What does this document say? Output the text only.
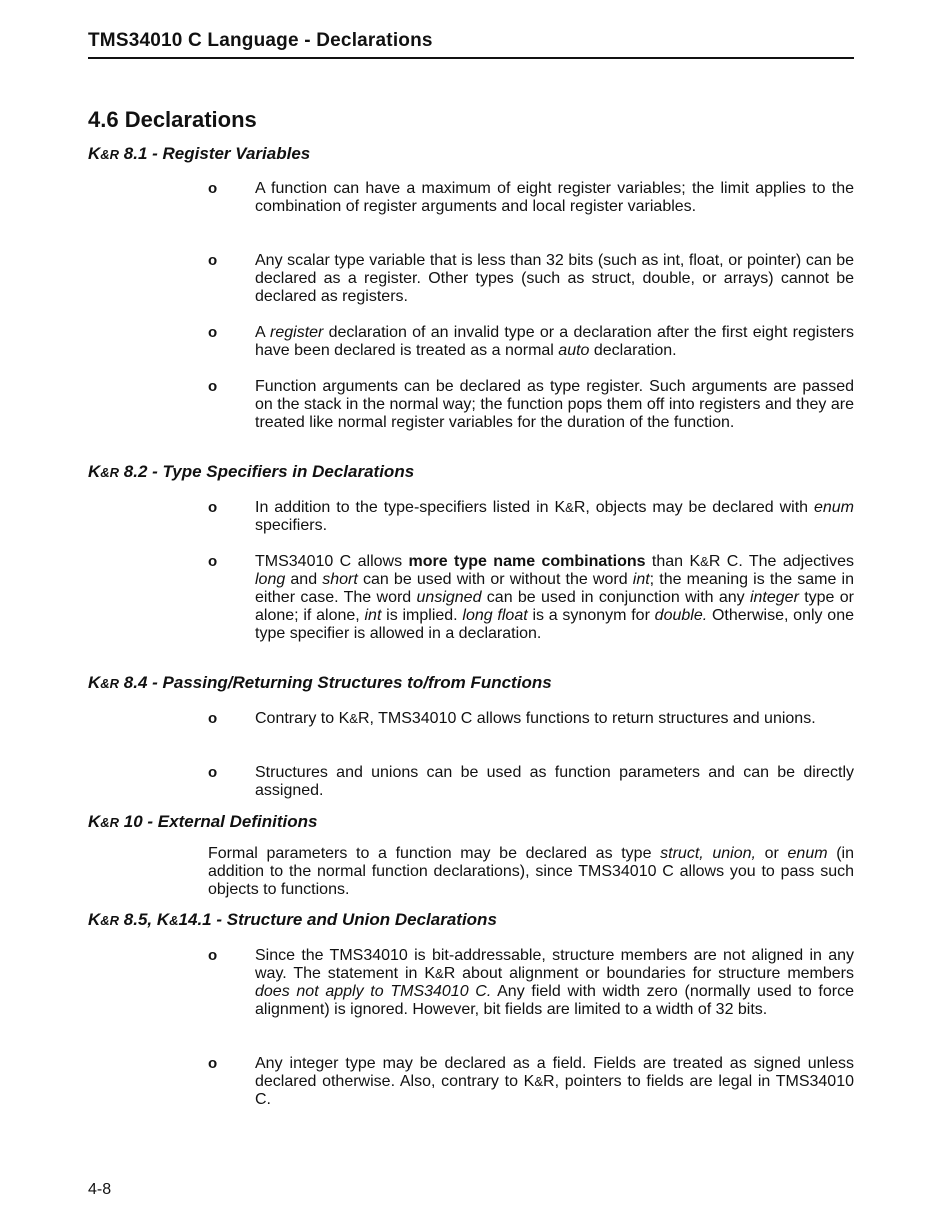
TMS34010 C Language - Declarations
4.6 Declarations
K&R 8.1 - Register Variables
o A function can have a maximum of eight register variables; the limit applies to the combination of register arguments and local register variables.

o Any scalar type variable that is less than 32 bits (such as int, float, or pointer) can be declared as a register. Other types (such as struct, double, or arrays) cannot be declared as registers.

o A register declaration of an invalid type or a declaration after the first eight registers have been declared is treated as a normal auto declaration.

o Function arguments can be declared as type register. Such arguments are passed on the stack in the normal way; the function pops them off into registers and they are treated like normal register variables for the duration of the function.

K&R 8.2 - Type Specifiers in Declarations
o In addition to the type-specifiers listed in K&R, objects may be declared with enum specifiers.

o TMS34010 C allows more type name combinations than K&R C. The adjectives long and short can be used with or without the word int; the meaning is the same in either case. The word unsigned can be used in conjunction with any integer type or alone; if alone, int is implied. long float is a synonym for double. Otherwise, only one type specifier is allowed in a declaration.

K&R 8.4 - Passing/Returning Structures to/from Functions
o Contrary to K&R, TMS34010 C allows functions to return structures and unions.

o Structures and unions can be used as function parameters and can be directly assigned.

K&R 10 - External Definitions

Formal parameters to a function may be declared as type struct, union, or enum (in addition to the normal function declarations), since TMS34010 C allows you to pass such objects to functions.

K&R 8.5, K&14.1 - Structure and Union Declarations
o Since the TMS34010 is bit-addressable, structure members are not aligned in any way. The statement in K&R about alignment or boundaries for structure members does not apply to TMS34010 C. Any field with width zero (normally used to force alignment) is ignored. However, bit fields are limited to a width of 32 bits.

o Any integer type may be declared as a field. Fields are treated as signed unless declared otherwise. Also, contrary to K&R, pointers to fields are legal in TMS34010 C.

4-8
